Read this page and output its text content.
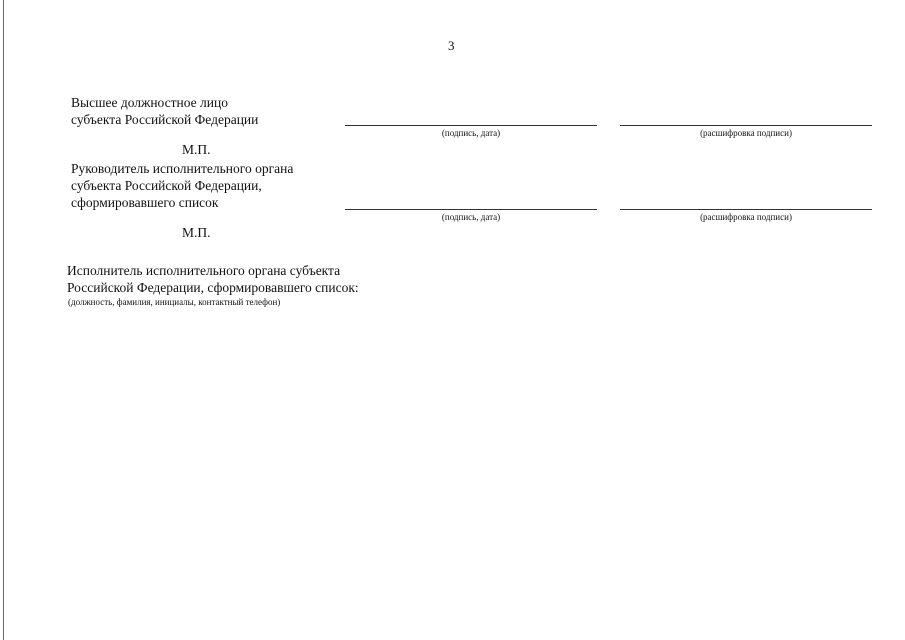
3
Высшее должностное лицо
субъекта Российской Федерации
(подпись, дата)	(расшифровка подписи)
М.П.
Руководитель исполнительного органа
субъекта Российской Федерации,
сформировавшего список
(подпись, дата)	(расшифровка подписи)
М.П.
Исполнитель исполнительного органа субъекта
Российской Федерации, сформировавшего список:
(должность, фамилия, инициалы, контактный телефон)
